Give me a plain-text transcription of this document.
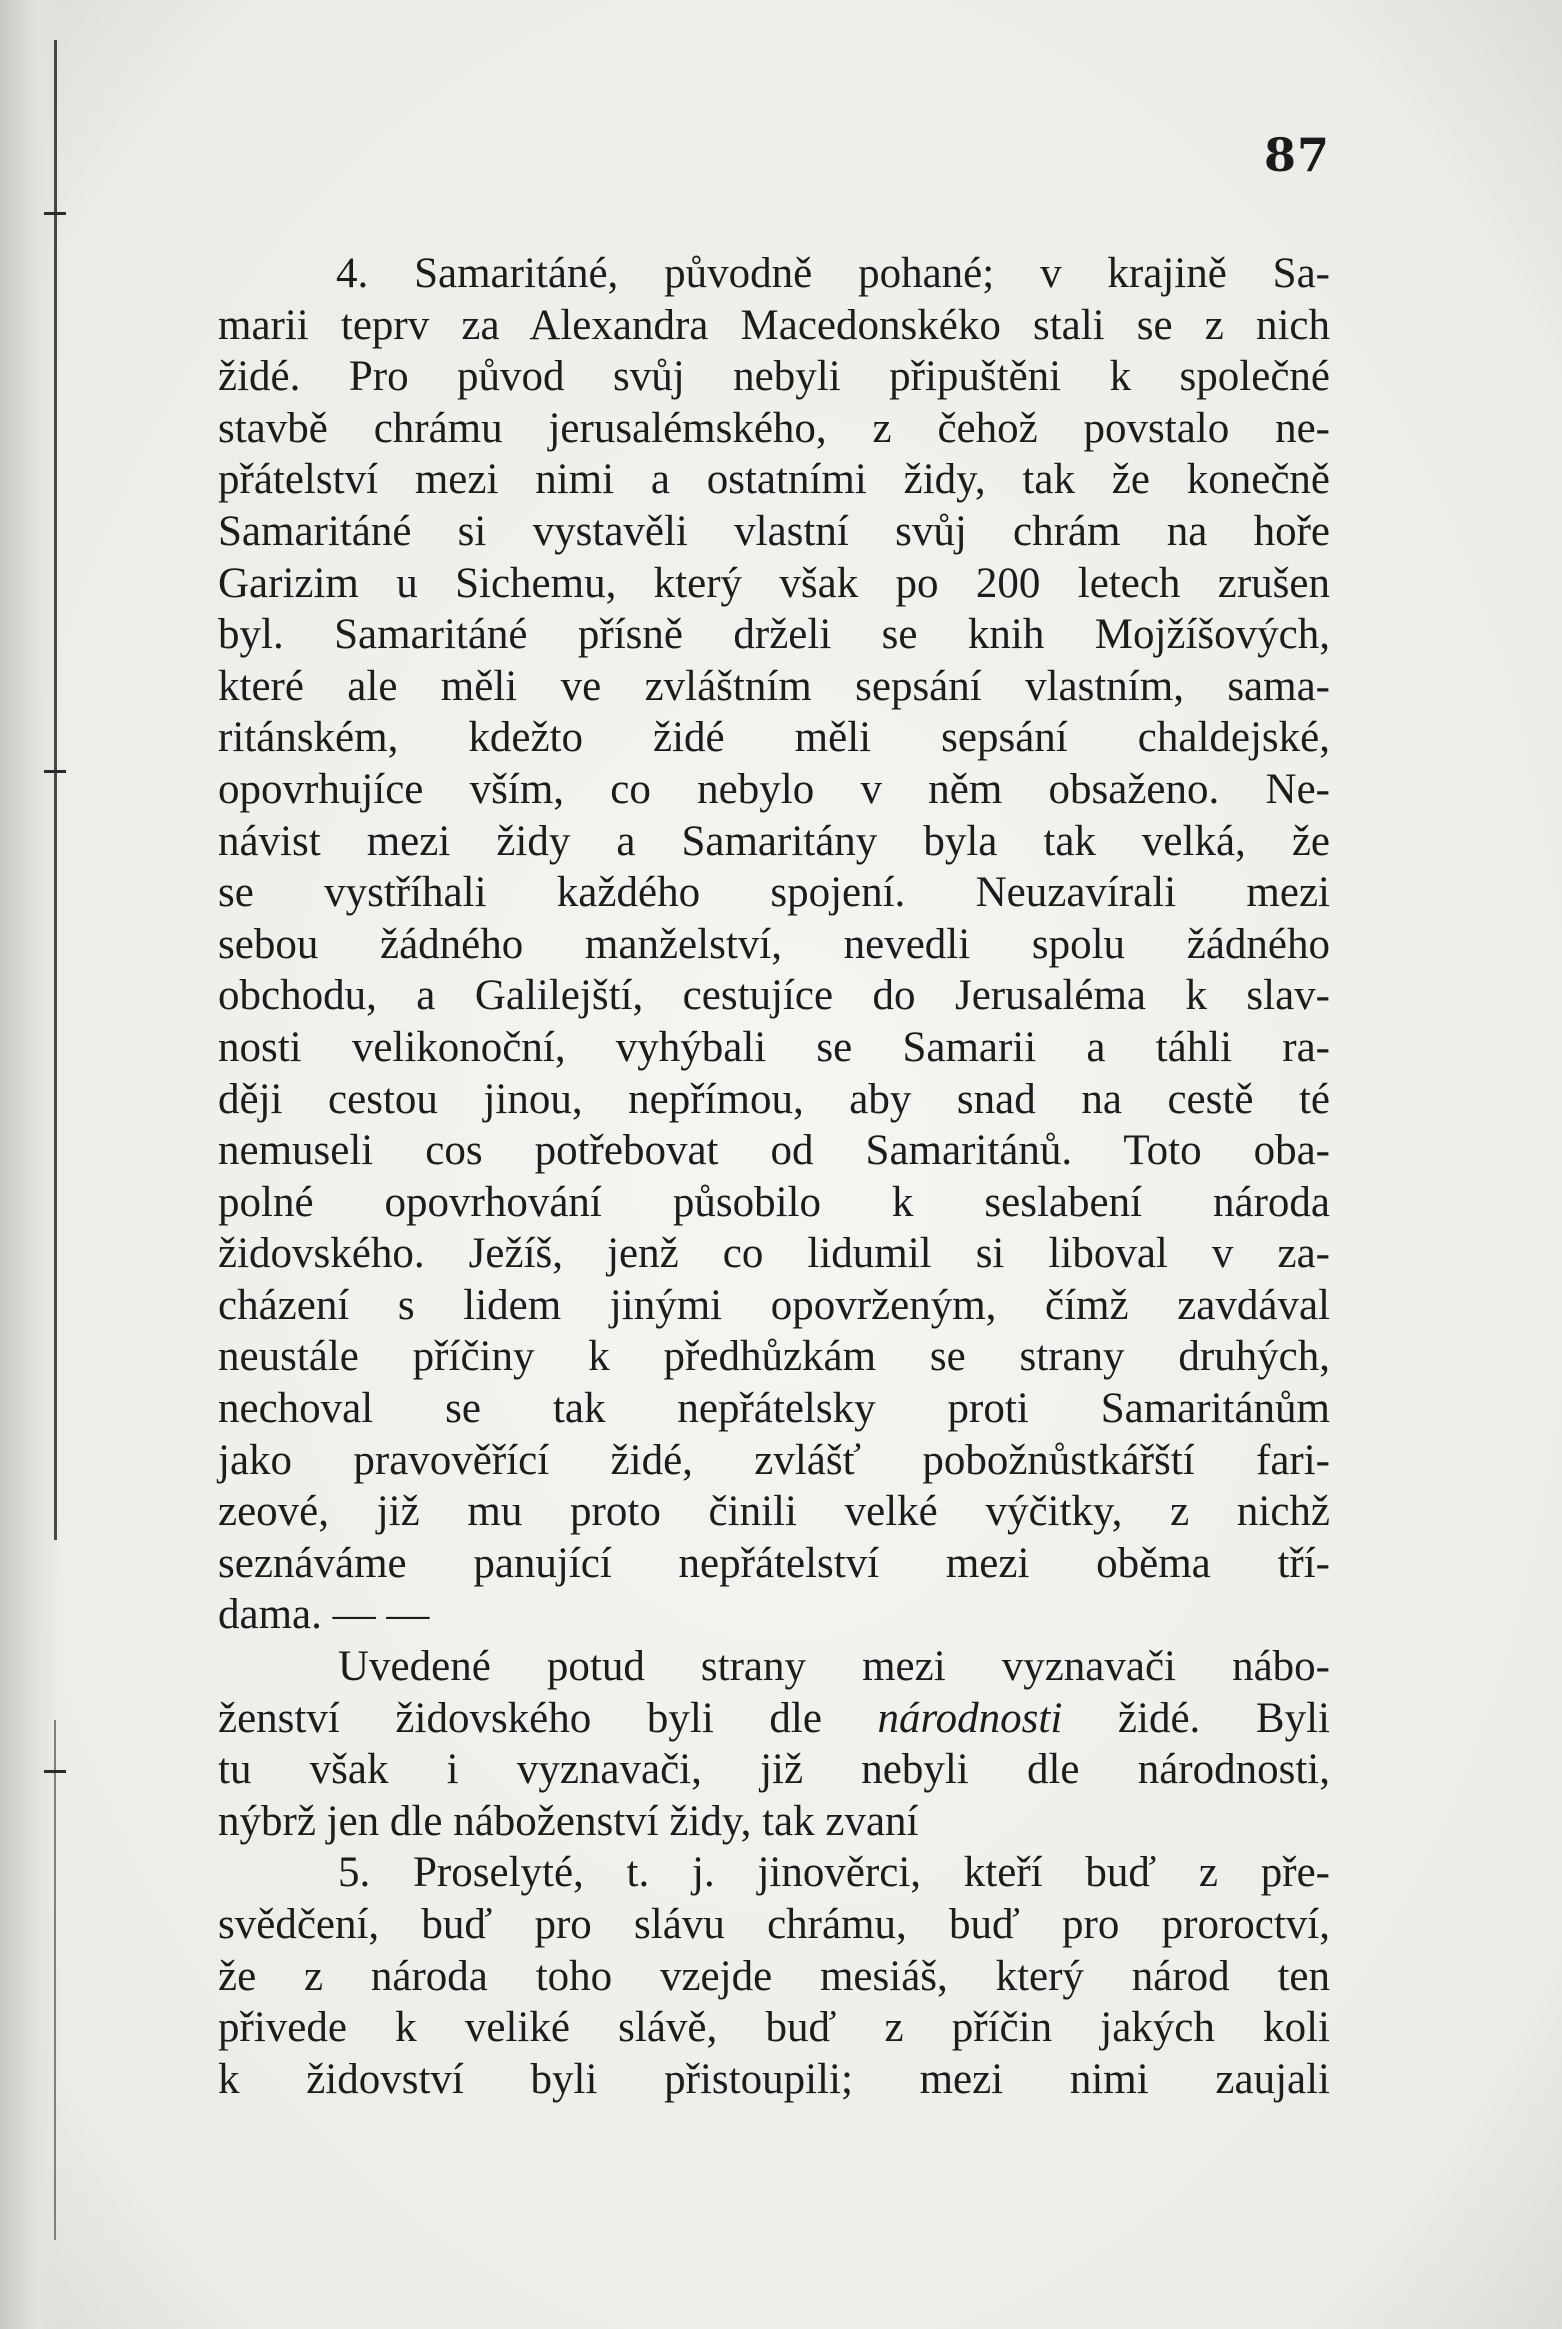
87
4. Samaritáné, původně pohané; v krajině Sa-
marii teprv za Alexandra Macedonskéko stali se z nich
židé. Pro původ svůj nebyli připuštěni k společné
stavbě chrámu jerusalémského, z čehož povstalo ne-
přátelství mezi nimi a ostatními židy, tak že konečně
Samaritáné si vystavěli vlastní svůj chrám na hoře
Garizim u Sichemu, který však po 200 letech zrušen
byl. Samaritáné přísně drželi se knih Mojžíšových,
které ale měli ve zvláštním sepsání vlastním, sama-
ritánském, kdežto židé měli sepsání chaldejské,
opovrhujíce vším, co nebylo v něm obsaženo. Ne-
návist mezi židy a Samaritány byla tak velká, že
se vystříhali každého spojení. Neuzavírali mezi
sebou žádného manželství, nevedli spolu žádného
obchodu, a Galilejští, cestujíce do Jerusaléma k slav-
nosti velikonoční, vyhýbali se Samarii a táhli ra-
ději cestou jinou, nepřímou, aby snad na cestě té
nemuseli cos potřebovat od Samaritánů. Toto oba-
polné opovrhování působilo k seslabení národa
židovského. Ježíš, jenž co lidumil si liboval v za-
cházení s lidem jinými opovrženým, čímž zavdával
neustále příčiny k předhůzkám se strany druhých,
nechoval se tak nepřátelsky proti Samaritánům
jako pravověřící židé, zvlášť pobožnůstkářští fari-
zeové, již mu proto činili velké výčitky, z nichž
seznáváme panující nepřátelství mezi oběma tří-
dama. — —
Uvedené potud strany mezi vyznavači nábo-
ženství židovského byli dle národnosti židé. Byli
tu však i vyznavači, již nebyli dle národnosti,
nýbrž jen dle náboženství židy, tak zvaní
5. Proselyté, t. j. jinověrci, kteří buď z pře-
svědčení, buď pro slávu chrámu, buď pro proroctví,
že z národa toho vzejde mesiáš, který národ ten
přivede k veliké slávě, buď z příčin jakých koli
k židovství byli přistoupili; mezi nimi zaujali
